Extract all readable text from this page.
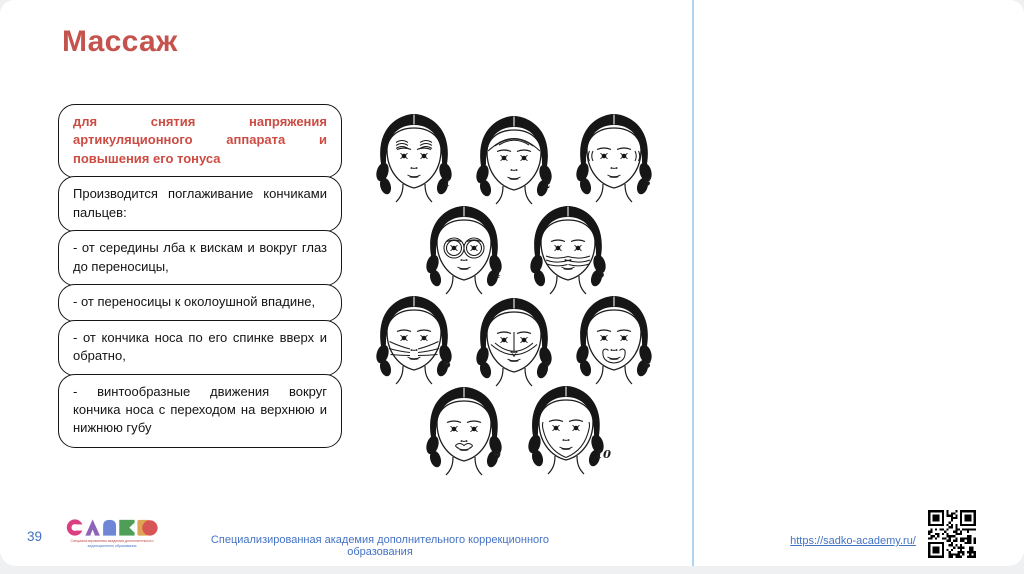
Массаж
для снятия напряжения артикуляционного аппарата и повышения его тонуса
Производится поглаживание кончиками пальцев:
- от середины лба к вискам и вокруг глаз до переносицы,
- от переносицы к околоушной впадине,
- от кончика носа по его спинке вверх и обратно,
- винтообразные движения вокруг кончика носа с переходом на верхнюю и нижнюю губу
1	2	3
4	5
6	7	8
9	10
39	Специализированная академия дополнительного
коррекционного образования
Специализированная академия дополнительного коррекционного образования
https://sadko-academy.ru/
